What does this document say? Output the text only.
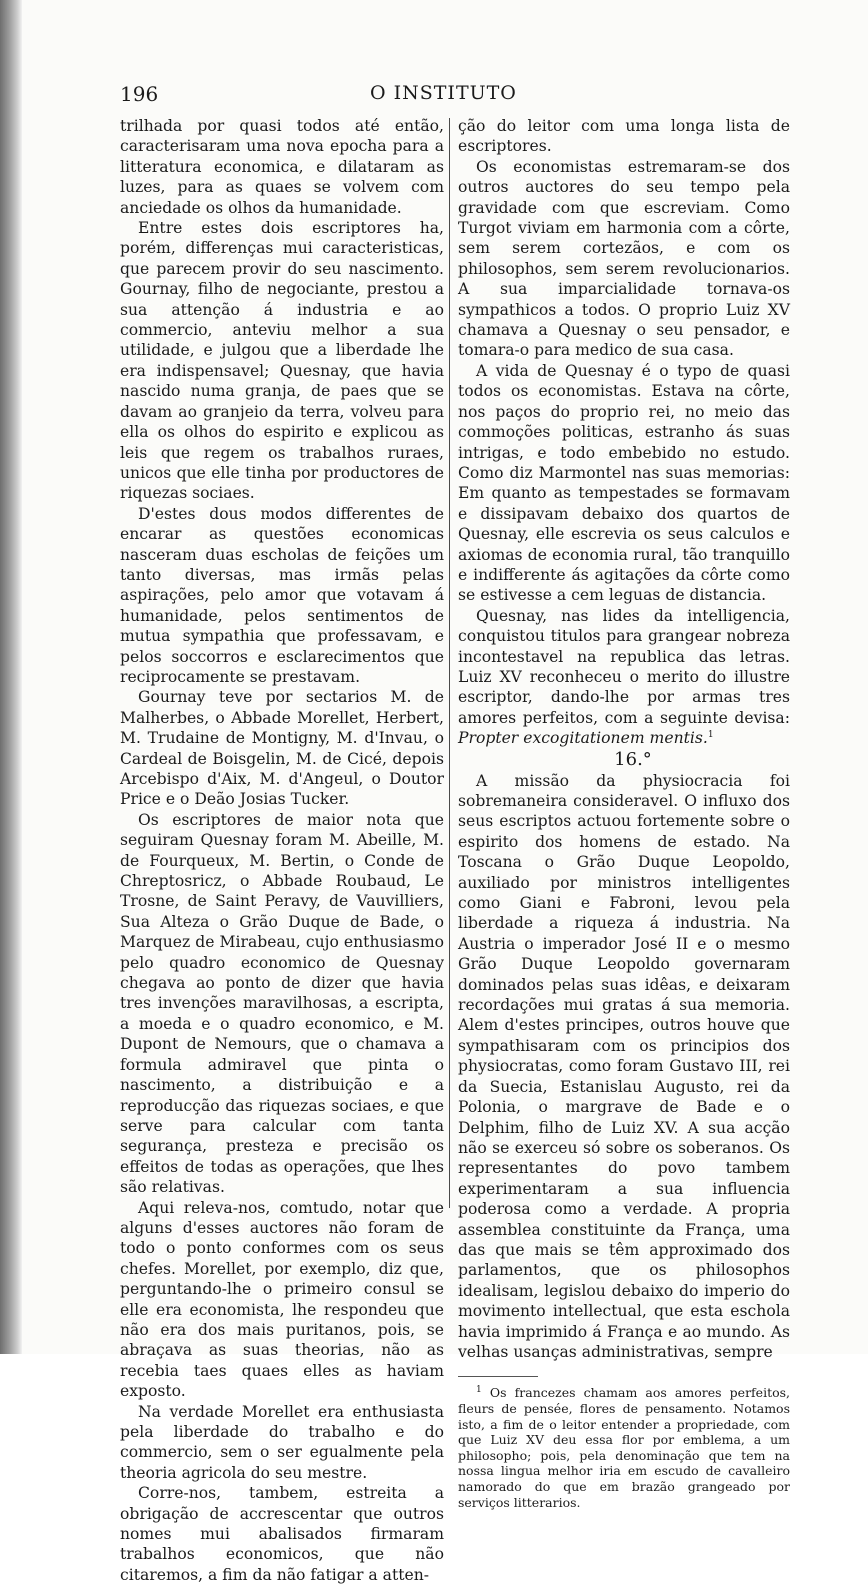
196	O INSTITUTO

trilhada por quasi todos até então, caracterisaram uma nova epocha para a litteratura economica, e dilataram as luzes, para as quaes se volvem com anciedade os olhos da humanidade.

Entre estes dois escriptores ha, porém, differenças mui caracteristicas, que parecem provir do seu nascimento. Gournay, filho de negociante, prestou a sua attenção á industria e ao commercio, anteviu melhor a sua utilidade, e julgou que a liberdade lhe era indispensavel; Quesnay, que havia nascido numa granja, de paes que se davam ao granjeio da terra, volveu para ella os olhos do espirito e explicou as leis que regem os trabalhos ruraes, unicos que elle tinha por productores de riquezas sociaes.

D'estes dous modos differentes de encarar as questões economicas nasceram duas escholas de feições um tanto diversas, mas irmãs pelas aspirações, pelo amor que votavam á humanidade, pelos sentimentos de mutua sympathia que professavam, e pelos soccorros e esclarecimentos que reciprocamente se prestavam.

Gournay teve por sectarios M. de Malherbes, o Abbade Morellet, Herbert, M. Trudaine de Montigny, M. d'Invau, o Cardeal de Boisgelin, M. de Cicé, depois Arcebispo d'Aix, M. d'Angeul, o Doutor Price e o Deão Josias Tucker.

Os escriptores de maior nota que seguiram Quesnay foram M. Abeille, M. de Fourqueux, M. Bertin, o Conde de Chreptosricz, o Abbade Roubaud, Le Trosne, de Saint Peravy, de Vauvilliers, Sua Alteza o Grão Duque de Bade, o Marquez de Mirabeau, cujo enthusiasmo pelo quadro economico de Quesnay chegava ao ponto de dizer que havia tres invenções maravilhosas, a escripta, a moeda e o quadro economico, e M. Dupont de Nemours, que o chamava a formula admiravel que pinta o nascimento, a distribuição e a reproducção das riquezas sociaes, e que serve para calcular com tanta segurança, presteza e precisão os effeitos de todas as operações, que lhes são relativas.

Aqui releva-nos, comtudo, notar que alguns d'esses auctores não foram de todo o ponto conformes com os seus chefes. Morellet, por exemplo, diz que, perguntando-lhe o primeiro consul se elle era economista, lhe respondeu que não era dos mais puritanos, pois, se abraçava as suas theorias, não as recebia taes quaes elles as haviam exposto.

Na verdade Morellet era enthusiasta pela liberdade do trabalho e do commercio, sem o ser egualmente pela theoria agricola do seu mestre.

Corre-nos, tambem, estreita a obrigação de accrescentar que outros nomes mui abalisados firmaram trabalhos economicos, que não citaremos, a fim da não fatigar a atten-

ção do leitor com uma longa lista de escriptores.

Os economistas estremaram-se dos outros auctores do seu tempo pela gravidade com que escreviam. Como Turgot viviam em harmonia com a côrte, sem serem cortezãos, e com os philosophos, sem serem revolucionarios. A sua imparcialidade tornava-os sympathicos a todos. O proprio Luiz XV chamava a Quesnay o seu pensador, e tomara-o para medico de sua casa.

A vida de Quesnay é o typo de quasi todos os economistas. Estava na côrte, nos paços do proprio rei, no meio das commoções politicas, estranho ás suas intrigas, e todo embebido no estudo. Como diz Marmontel nas suas memorias: Em quanto as tempestades se formavam e dissipavam debaixo dos quartos de Quesnay, elle escrevia os seus calculos e axiomas de economia rural, tão tranquillo e indifferente ás agitações da côrte como se estivesse a cem leguas de distancia.

Quesnay, nas lides da intelligencia, conquistou titulos para grangear nobreza incontestavel na republica das letras. Luiz XV reconheceu o merito do illustre escriptor, dando-lhe por armas tres amores perfeitos, com a seguinte devisa: Propter excogitationem mentis.$^1$

16.°

A missão da physiocracia foi sobremaneira consideravel. O influxo dos seus escriptos actuou fortemente sobre o espirito dos homens de estado. Na Toscana o Grão Duque Leopoldo, auxiliado por ministros intelligentes como Giani e Fabroni, levou pela liberdade a riqueza á industria. Na Austria o imperador José II e o mesmo Grão Duque Leopoldo governaram dominados pelas suas idêas, e deixaram recordações mui gratas á sua memoria. Alem d'estes principes, outros houve que sympathisaram com os principios dos physiocratas, como foram Gustavo III, rei da Suecia, Estanislau Augusto, rei da Polonia, o margrave de Bade e o Delphim, filho de Luiz XV. A sua acção não se exerceu só sobre os soberanos. Os representantes do povo tambem experimentaram a sua influencia poderosa como a verdade. A propria assemblea constituinte da França, uma das que mais se têm approximado dos parlamentos, que os philosophos idealisam, legislou debaixo do imperio do movimento intellectual, que esta eschola havia imprimido á França e ao mundo. As velhas usanças administrativas, sempre

$^1$ Os francezes chamam aos amores perfeitos, fleurs de pensée, flores de pensamento. Notamos isto, a fim de o leitor entender a propriedade, com que Luiz XV deu essa flor por emblema, a um philosopho; pois, pela denominação que tem na nossa lingua melhor iria em escudo de cavalleiro namorado do que em brazão grangeado por serviços litterarios.
